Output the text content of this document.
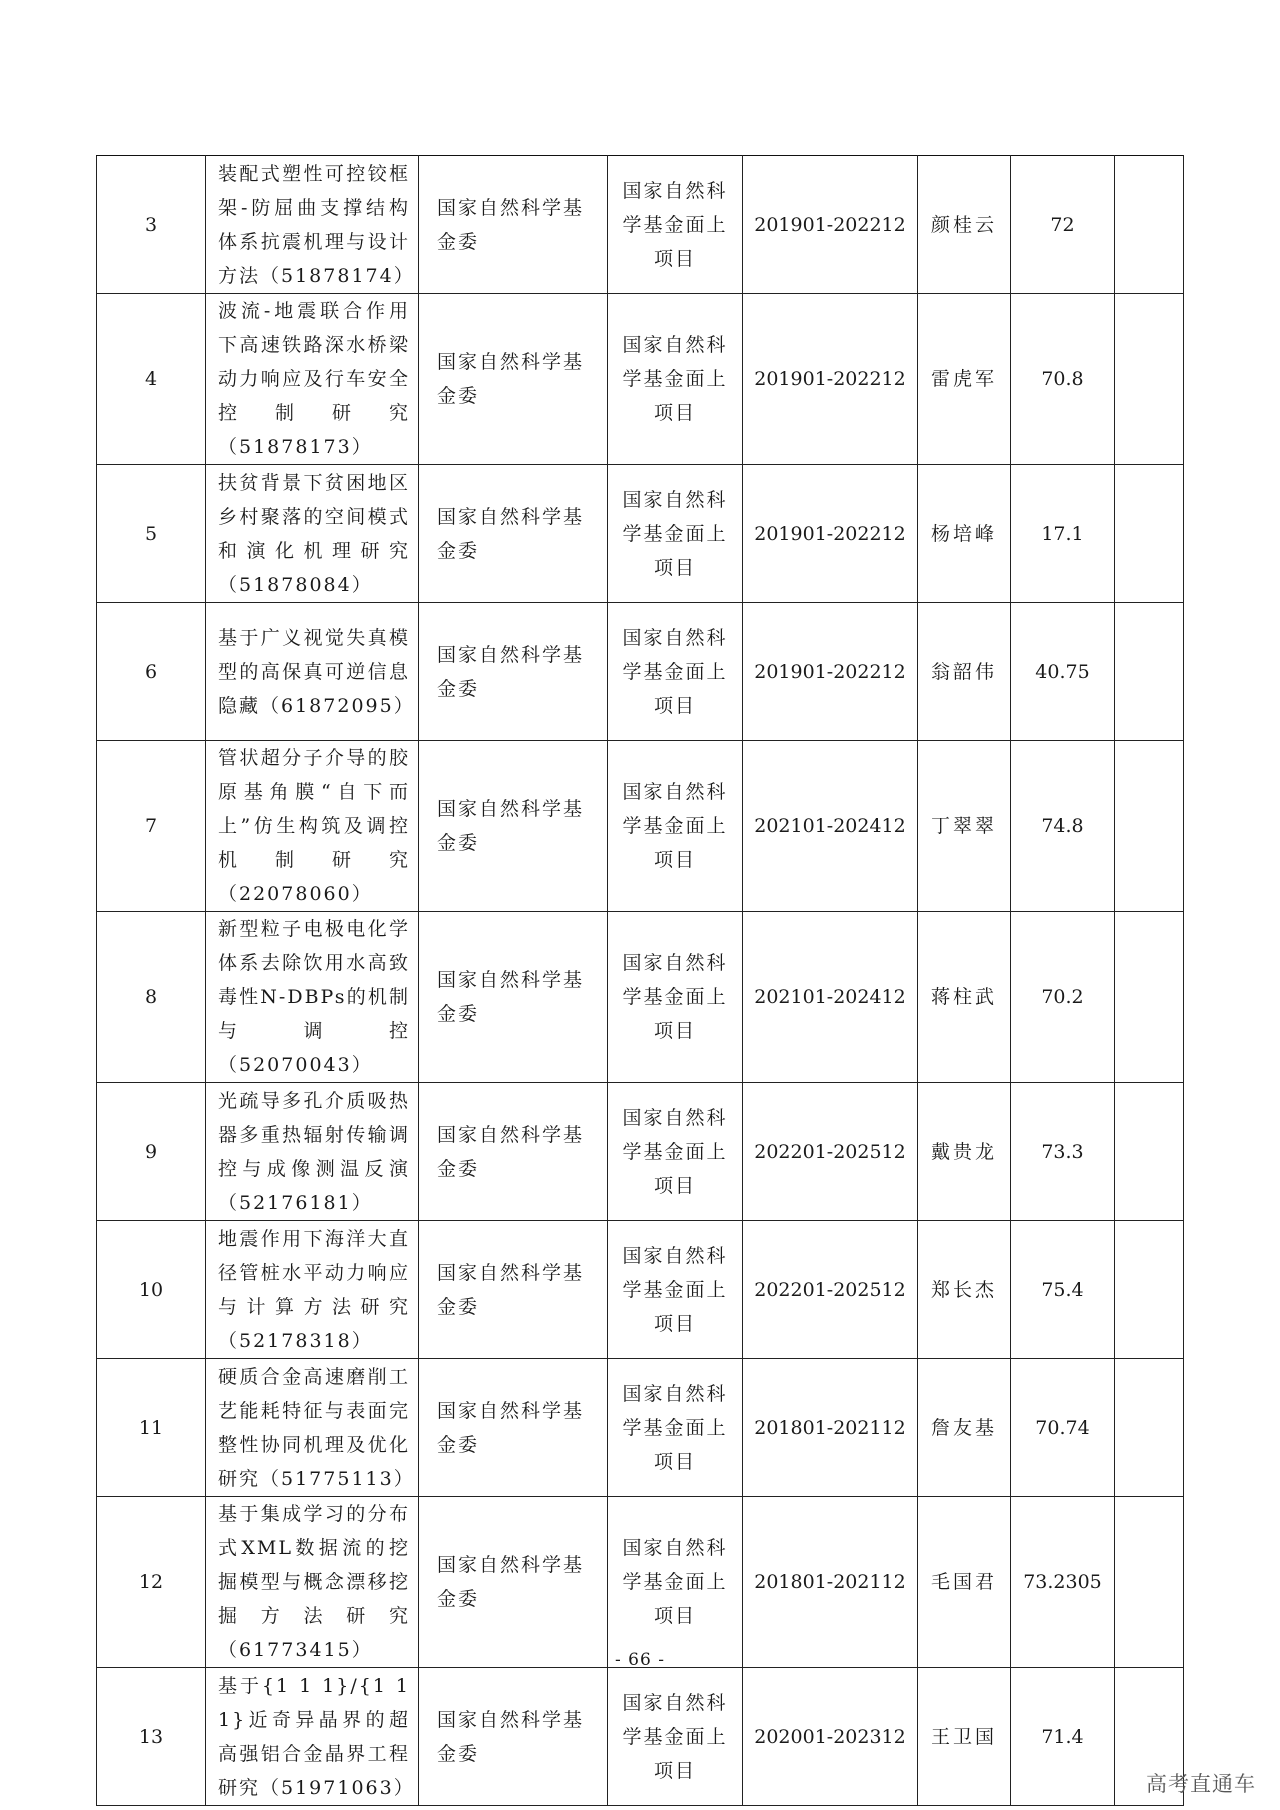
3	装配式塑性可控铰框架-防屈曲支撑结构体系抗震机理与设计方法（51878174）	国家自然科学基金委	国家自然科学基金面上项目	201901-202212	颜桂云	72	
4	波流-地震联合作用下高速铁路深水桥梁动力响应及行车安全控制研究（51878173）	国家自然科学基金委	国家自然科学基金面上项目	201901-202212	雷虎军	70.8	
5	扶贫背景下贫困地区乡村聚落的空间模式和演化机理研究（51878084）	国家自然科学基金委	国家自然科学基金面上项目	201901-202212	杨培峰	17.1	
6	基于广义视觉失真模型的高保真可逆信息隐藏（61872095）	国家自然科学基金委	国家自然科学基金面上项目	201901-202212	翁韶伟	40.75	
7	管状超分子介导的胶原基角膜“自下而上”仿生构筑及调控机制研究（22078060）	国家自然科学基金委	国家自然科学基金面上项目	202101-202412	丁翠翠	74.8	
8	新型粒子电极电化学体系去除饮用水高致毒性N-DBPs的机制与调控（52070043）	国家自然科学基金委	国家自然科学基金面上项目	202101-202412	蒋柱武	70.2	
9	光疏导多孔介质吸热器多重热辐射传输调控与成像测温反演（52176181）	国家自然科学基金委	国家自然科学基金面上项目	202201-202512	戴贵龙	73.3	
10	地震作用下海洋大直径管桩水平动力响应与计算方法研究（52178318）	国家自然科学基金委	国家自然科学基金面上项目	202201-202512	郑长杰	75.4	
11	硬质合金高速磨削工艺能耗特征与表面完整性协同机理及优化研究（51775113）	国家自然科学基金委	国家自然科学基金面上项目	201801-202112	詹友基	70.74	
12	基于集成学习的分布式XML数据流的挖掘模型与概念漂移挖掘方法研究（61773415）	国家自然科学基金委	国家自然科学基金面上项目	201801-202112	毛国君	73.2305	
13	基于{1 1 1}/{1 1 1}近奇异晶界的超高强铝合金晶界工程研究（51971063）	国家自然科学基金委	国家自然科学基金面上项目	202001-202312	王卫国	71.4	
- 66 -
高考直通车
